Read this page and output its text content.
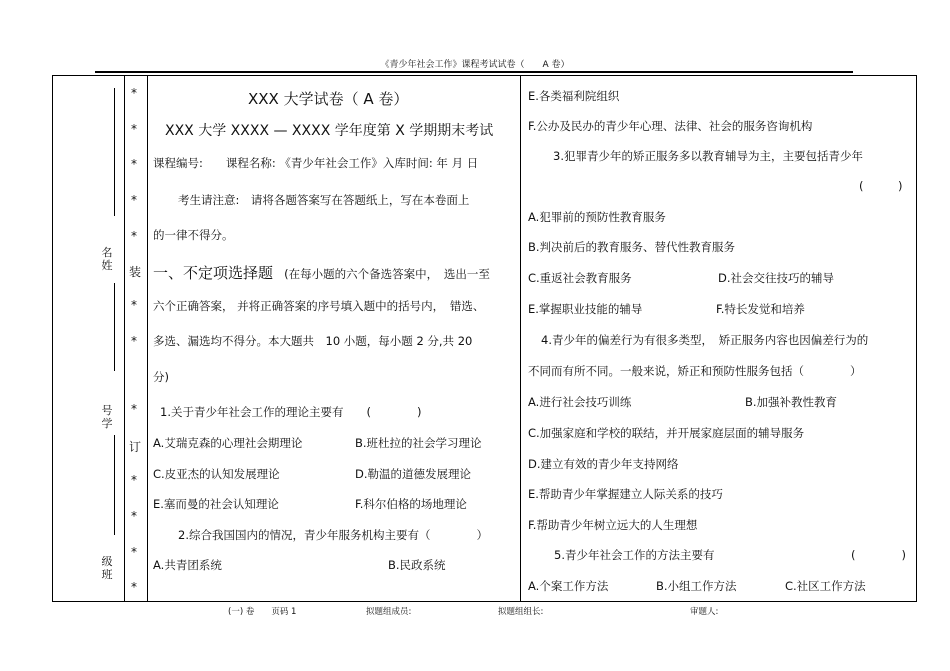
《青少年社会工作》课程考试试卷（　　A 卷）
名
姓
号
学
级
班
*
*
*
*
*
装
*
*
*
订
*
*
*
*
XXX 大学试卷（ A 卷）
XXX 大学 XXXX — XXXX 学年度第 X 学期期末考试
课程编号:　　课程名称: 《青少年社会工作》入库时间: 年 月 日
考生请注意:　请将各题答案写在答题纸上，写在本卷面上
的一律不得分。
一、不定项选择题 (在每小题的六个备选答案中，　选出一至
六个正确答案， 并将正确答案的序号填入题中的括号内，　错选、
多选、漏选均不得分。本大题共　10 小题，每小题 2 分,共 20
分)
1.关于青少年社会工作的理论主要有　　(　　　　)
A.艾瑞克森的心理社会期理论	B.班杜拉的社会学习理论
C.皮亚杰的认知发展理论	D.勒温的道德发展理论
E.塞而曼的社会认知理论	F.科尔伯格的场地理论
2.综合我国国内的情况，青少年服务机构主要有（　　　　）
A.共青团系统	B.民政系统
E.各类福利院组织
F.公办及民办的青少年心理、法律、社会的服务咨询机构
3.犯罪青少年的矫正服务多以教育辅导为主，主要包括青少年
(　　　)
A.犯罪前的预防性教育服务
B.判决前后的教育服务、替代性教育服务
C.重返社会教育服务	D.社会交往技巧的辅导
E.掌握职业技能的辅导	F.特长发觉和培养
4.青少年的偏差行为有很多类型，　矫正服务内容也因偏差行为的
不同而有所不同。一般来说，矫正和预防性服务包括（　　　　）
A.进行社会技巧训练	B.加强补教性教育
C.加强家庭和学校的联结，并开展家庭层面的辅导服务
D.建立有效的青少年支持网络
E.帮助青少年掌握建立人际关系的技巧
F.帮助青少年树立远大的人生理想
5.青少年社会工作的方法主要有	(　　　　)
A.个案工作方法	B.小组工作方法	C.社区工作方法
(一) 卷　　页码 1	拟题组成员:	拟题组组长:	审题人:
